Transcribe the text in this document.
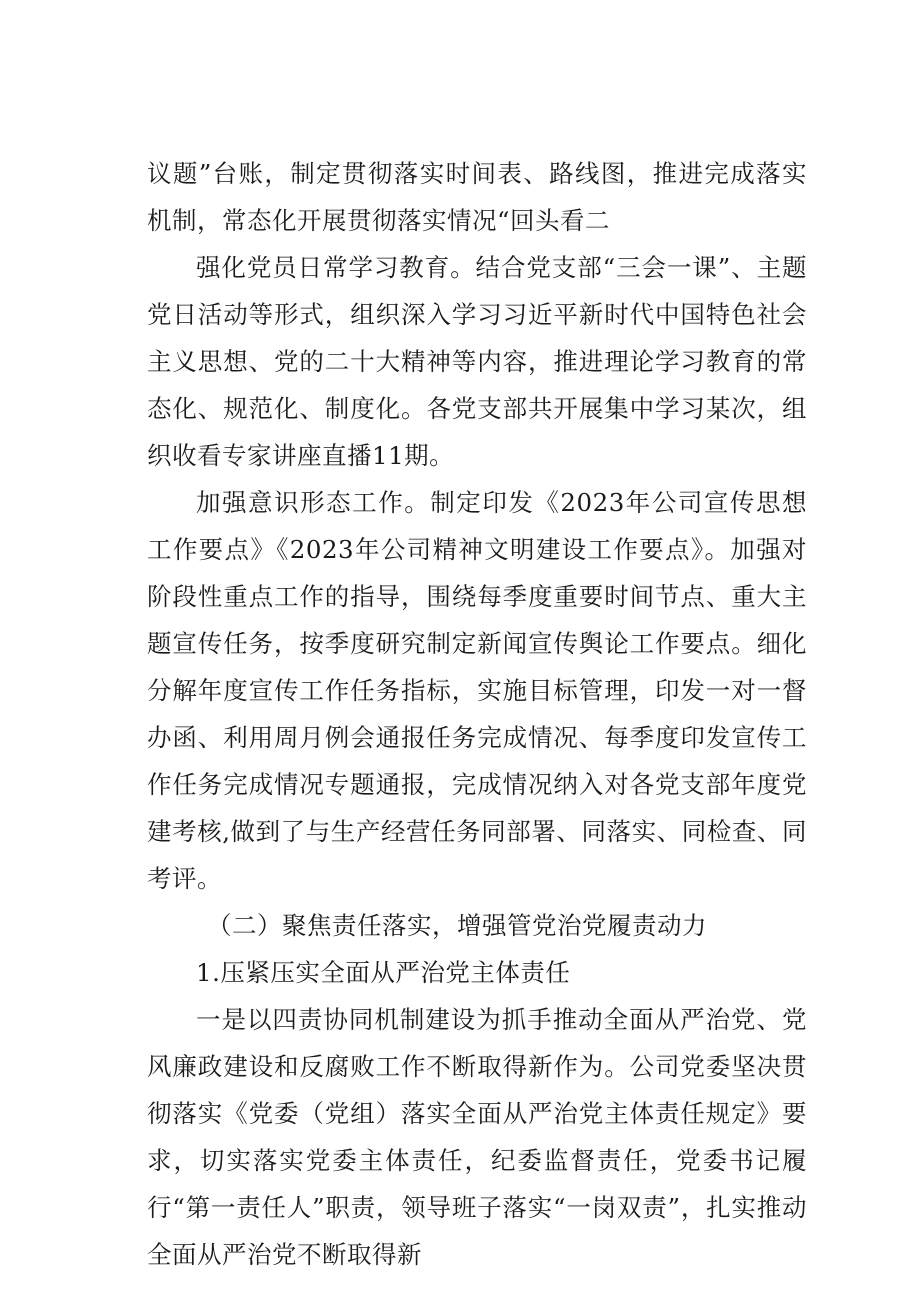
议题”台账，制定贯彻落实时间表、路线图，推进完成落实机制，常态化开展贯彻落实情况“回头看二

强化党员日常学习教育。结合党支部“三会一课”、主题党日活动等形式，组织深入学习习近平新时代中国特色社会主义思想、党的二十大精神等内容，推进理论学习教育的常态化、规范化、制度化。各党支部共开展集中学习某次，组织收看专家讲座直播11期。

加强意识形态工作。制定印发《2023年公司宣传思想工作要点》《2023年公司精神文明建设工作要点》。加强对阶段性重点工作的指导，围绕每季度重要时间节点、重大主题宣传任务，按季度研究制定新闻宣传舆论工作要点。细化分解年度宣传工作任务指标，实施目标管理，印发一对一督办函、利用周月例会通报任务完成情况、每季度印发宣传工作任务完成情况专题通报，完成情况纳入对各党支部年度党建考核,做到了与生产经营任务同部署、同落实、同检查、同考评。

（二）聚焦责任落实，增强管党治党履责动力

1.压紧压实全面从严治党主体责任

一是以四责协同机制建设为抓手推动全面从严治党、党风廉政建设和反腐败工作不断取得新作为。公司党委坚决贯彻落实《党委（党组）落实全面从严治党主体责任规定》要求，切实落实党委主体责任，纪委监督责任，党委书记履行“第一责任人”职责，领导班子落实“一岗双责”，扎实推动全面从严治党不断取得新
